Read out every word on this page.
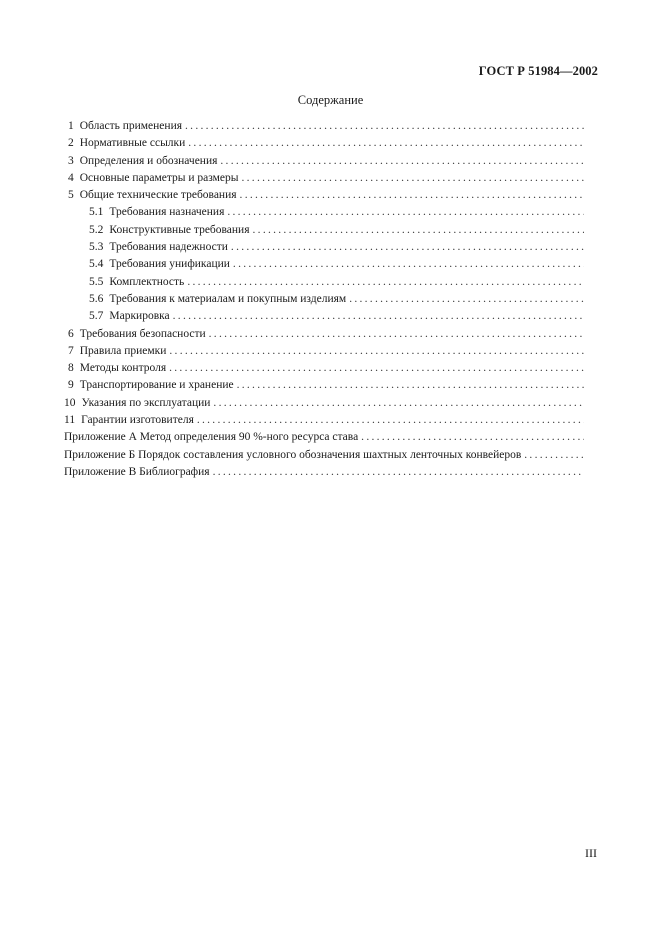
ГОСТ Р 51984—2002
Содержание
1 Область применения
. . .
2 Нормативные ссылки
. . .
3 Определения и обозначения
. . .
4 Основные параметры и размеры
. . .
5 Общие технические требования
. . .
5.1 Требования назначения
. . .
5.2 Конструктивные требования
. . .
5.3 Требования надежности
. . .
5.4 Требования унификации
. . .
5.5 Комплектность
. . .
5.6 Требования к материалам и покупным изделиям
. . .
5.7 Маркировка
. . .
6 Требования безопасности
. . .
7 Правила приемки
. . .
8 Методы контроля
. . .
9 Транспортирование и хранение
. . .
10 Указания по эксплуатации
. . .
11 Гарантии изготовителя
. . .
Приложение А Метод определения 90 %-ного ресурса става
. . .
Приложение Б Порядок составления условного обозначения шахтных ленточных конвейеров
. . .
Приложение В Библиография
. . .
III
